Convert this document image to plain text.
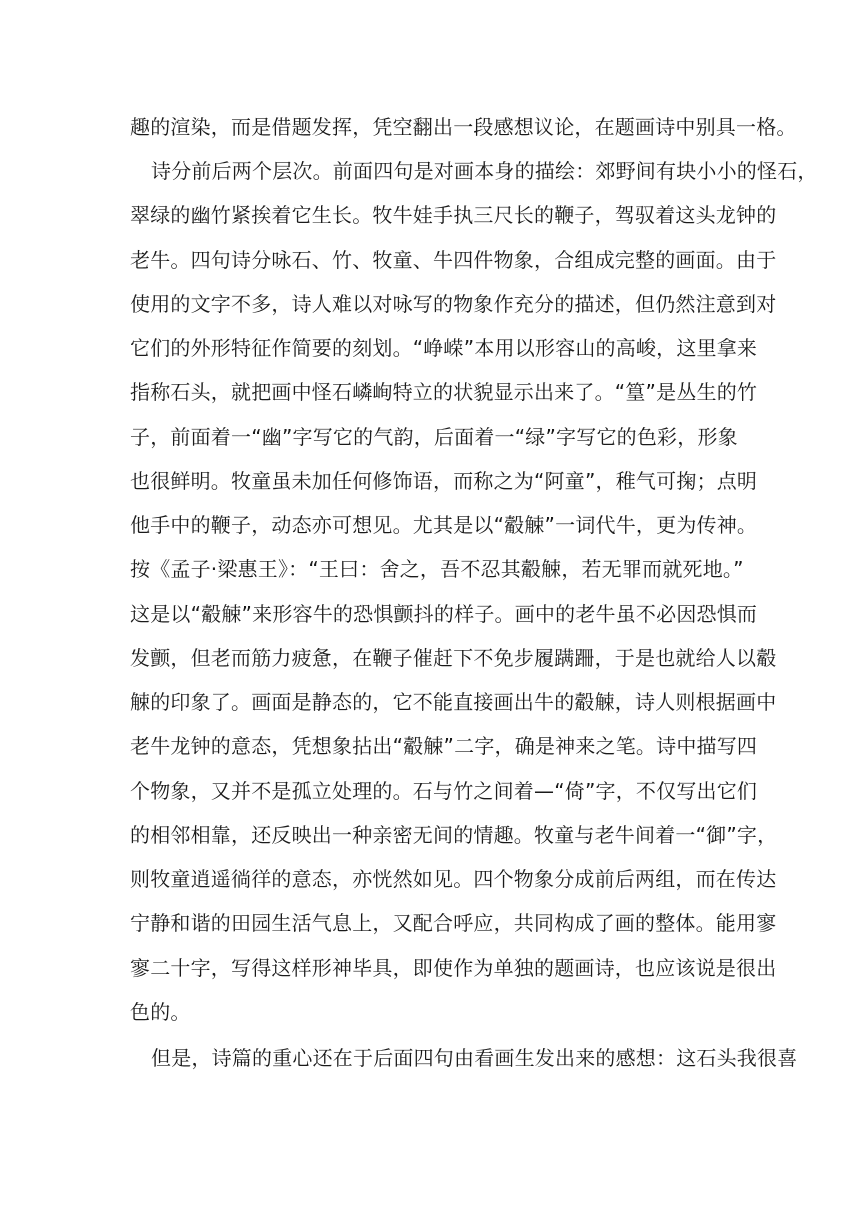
趣的渲染，而是借题发挥，凭空翻出一段感想议论，在题画诗中别具一格。
诗分前后两个层次。前面四句是对画本身的描绘：郊野间有块小小的怪石，
翠绿的幽竹紧挨着它生长。牧牛娃手执三尺长的鞭子，驾驭着这头龙钟的
老牛。四句诗分咏石、竹、牧童、牛四件物象，合组成完整的画面。由于
使用的文字不多，诗人难以对咏写的物象作充分的描述，但仍然注意到对
它们的外形特征作简要的刻划。“峥嵘”本用以形容山的高峻，这里拿来
指称石头，就把画中怪石嶙峋特立的状貌显示出来了。“篁”是丛生的竹
子，前面着一“幽”字写它的气韵，后面着一“绿”字写它的色彩，形象
也很鲜明。牧童虽未加任何修饰语，而称之为“阿童”，稚气可掬；点明
他手中的鞭子，动态亦可想见。尤其是以“觳觫”一词代牛，更为传神。
按《孟子·梁惠王》：“王曰：舍之，吾不忍其觳觫，若无罪而就死地。”
这是以“觳觫”来形容牛的恐惧颤抖的样子。画中的老牛虽不必因恐惧而
发颤，但老而筋力疲惫，在鞭子催赶下不免步履蹒跚，于是也就给人以觳
觫的印象了。画面是静态的，它不能直接画出牛的觳觫，诗人则根据画中
老牛龙钟的意态，凭想象拈出“觳觫”二字，确是神来之笔。诗中描写四
个物象，又并不是孤立处理的。石与竹之间着—“倚”字，不仅写出它们
的相邻相靠，还反映出一种亲密无间的情趣。牧童与老牛间着一“御”字，
则牧童逍遥徜徉的意态，亦恍然如见。四个物象分成前后两组，而在传达
宁静和谐的田园生活气息上，又配合呼应，共同构成了画的整体。能用寥
寥二十字，写得这样形神毕具，即使作为单独的题画诗，也应该说是很出
色的。
但是，诗篇的重心还在于后面四句由看画生发出来的感想：这石头我很喜
